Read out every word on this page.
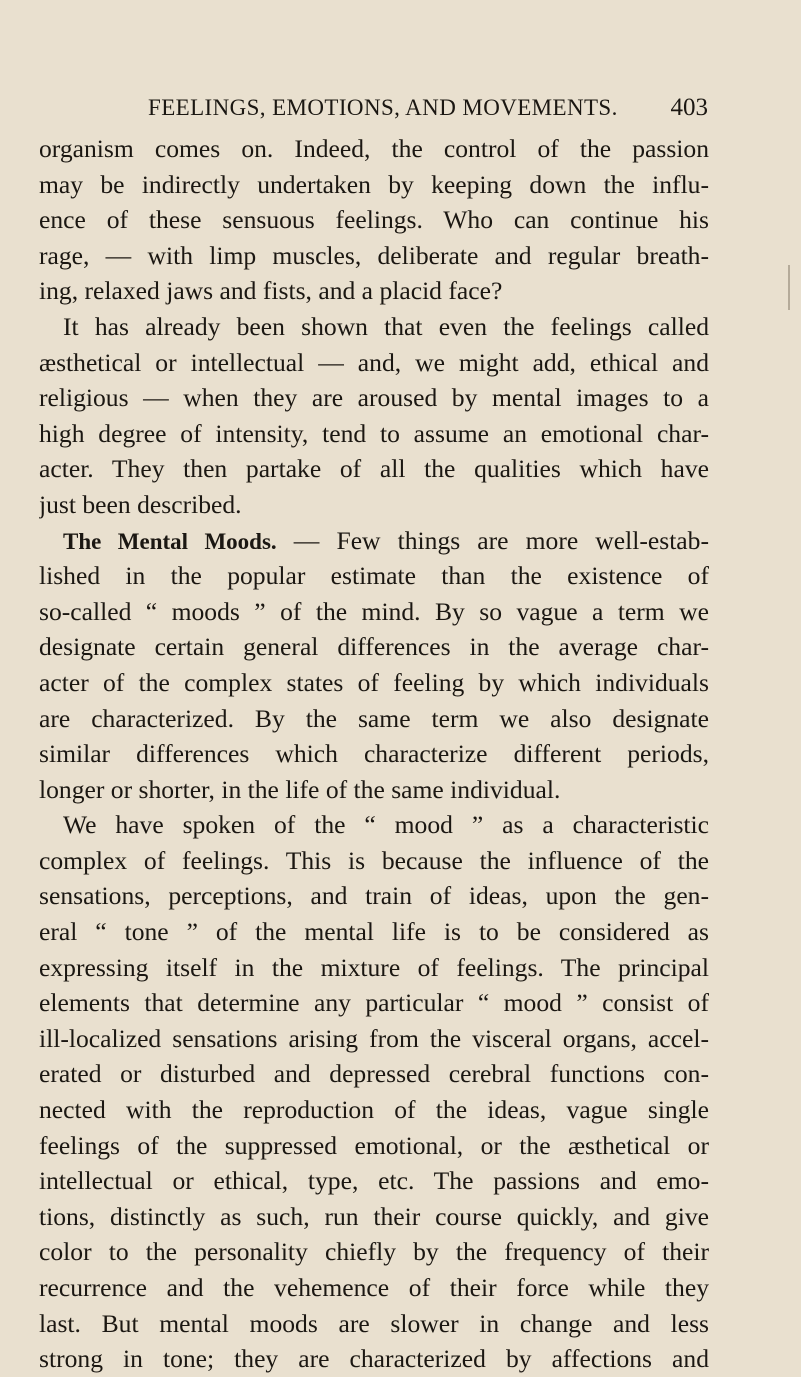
FEELINGS, EMOTIONS, AND MOVEMENTS. 403
organism comes on. Indeed, the control of the passion
may be indirectly undertaken by keeping down the influ-
ence of these sensuous feelings. Who can continue his
rage, — with limp muscles, deliberate and regular breath-
ing, relaxed jaws and fists, and a placid face?
It has already been shown that even the feelings called
æsthetical or intellectual — and, we might add, ethical and
religious — when they are aroused by mental images to a
high degree of intensity, tend to assume an emotional char-
acter. They then partake of all the qualities which have
just been described.
The Mental Moods. — Few things are more well-estab-
lished in the popular estimate than the existence of
so-called “ moods ” of the mind. By so vague a term we
designate certain general differences in the average char-
acter of the complex states of feeling by which individuals
are characterized. By the same term we also designate
similar differences which characterize different periods,
longer or shorter, in the life of the same individual.
We have spoken of the “ mood ” as a characteristic
complex of feelings. This is because the influence of the
sensations, perceptions, and train of ideas, upon the gen-
eral “ tone ” of the mental life is to be considered as
expressing itself in the mixture of feelings. The principal
elements that determine any particular “ mood ” consist of
ill-localized sensations arising from the visceral organs, accel-
erated or disturbed and depressed cerebral functions con-
nected with the reproduction of the ideas, vague single
feelings of the suppressed emotional, or the æsthetical or
intellectual or ethical, type, etc. The passions and emo-
tions, distinctly as such, run their course quickly, and give
color to the personality chiefly by the frequency of their
recurrence and the vehemence of their force while they
last. But mental moods are slower in change and less
strong in tone; they are characterized by affections and
